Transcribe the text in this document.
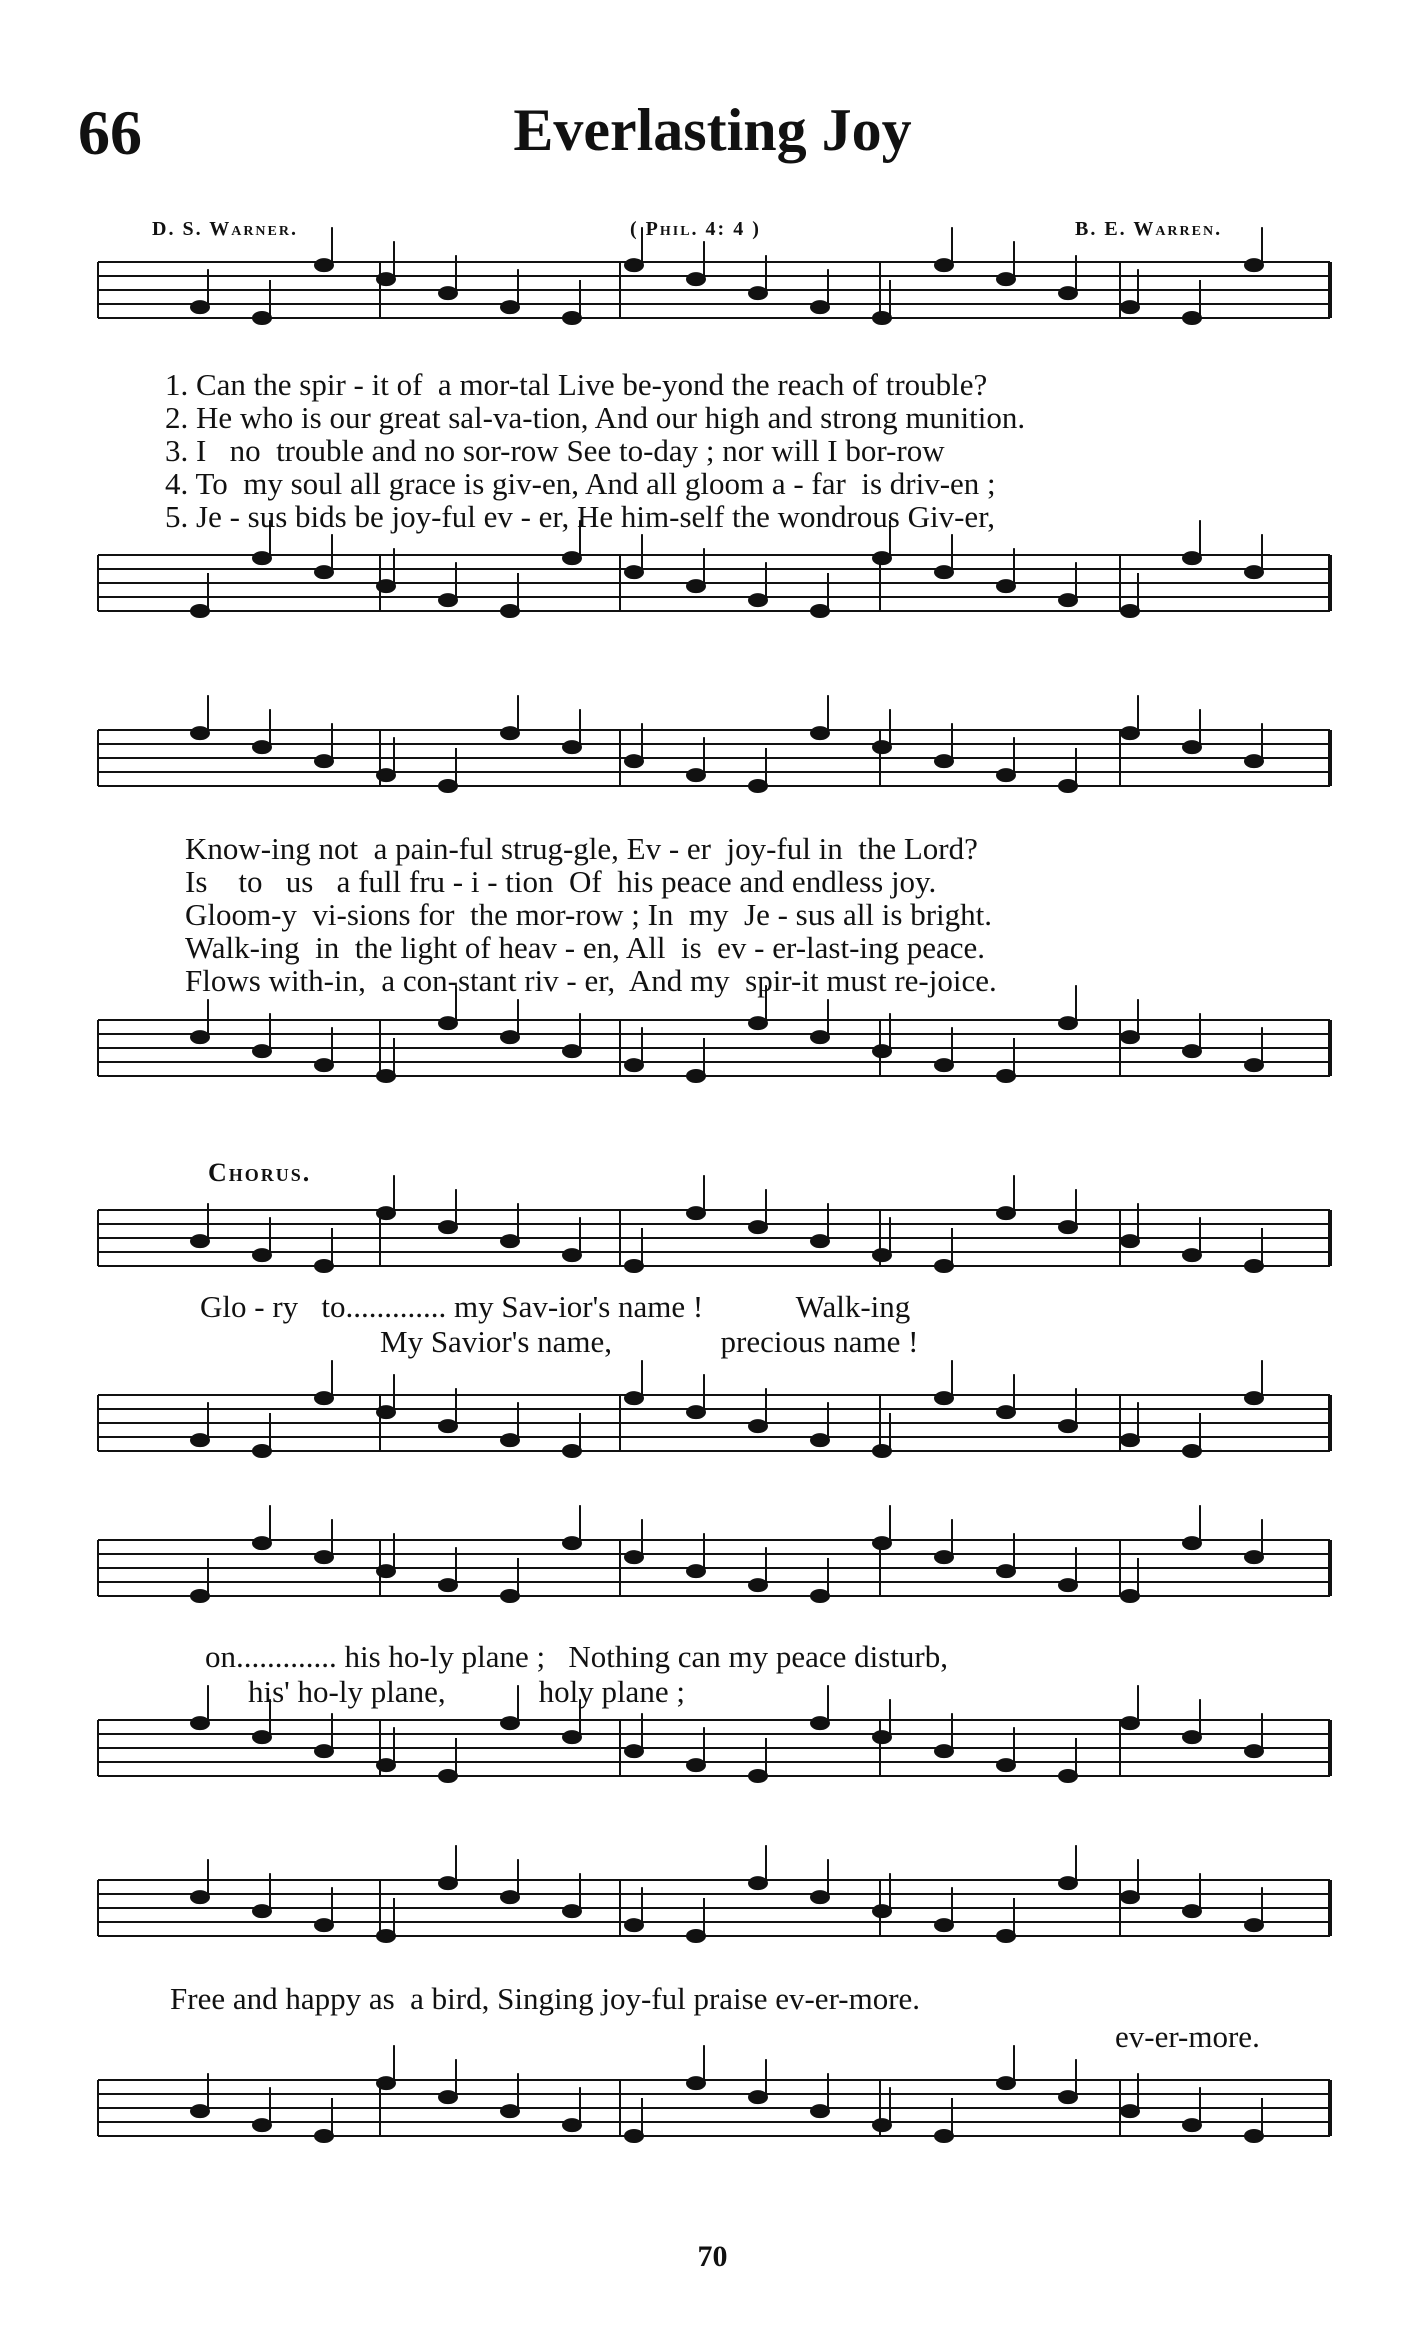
66	Everlasting Joy
D. S. Warner.	( Phil. 4: 4 )	B. E. Warren.
1. Can the spir - it of  a mor-tal Live be-yond the reach of trouble?
2. He who is our great sal-va-tion, And our high and strong munition.
3. I   no  trouble and no sor-row See to-day ; nor will I bor-row
4. To  my soul all grace is giv-en, And all gloom a - far  is driv-en ;
5. Je - sus bids be joy-ful ev - er, He him-self the wondrous Giv-er,
Know-ing not  a pain-ful strug-gle, Ev - er  joy-ful in  the Lord?
Is    to   us   a full fru - i - tion  Of  his peace and endless joy.
Gloom-y  vi-sions for  the mor-row ; In  my  Je - sus all is bright.
Walk-ing  in  the light of heav - en, All  is  ev - er-last-ing peace.
Flows with-in,  a con-stant riv - er,  And my  spir-it must re-joice.
Chorus.
Glo - ry   to............. my Sav-ior's name !            Walk-ing
My Savior's name,              precious name !
on............. his ho-ly plane ;   Nothing can my peace disturb,
his' ho-ly plane,            holy plane ;
Free and happy as  a bird, Singing joy-ful praise ev-er-more.
ev-er-more.
70
